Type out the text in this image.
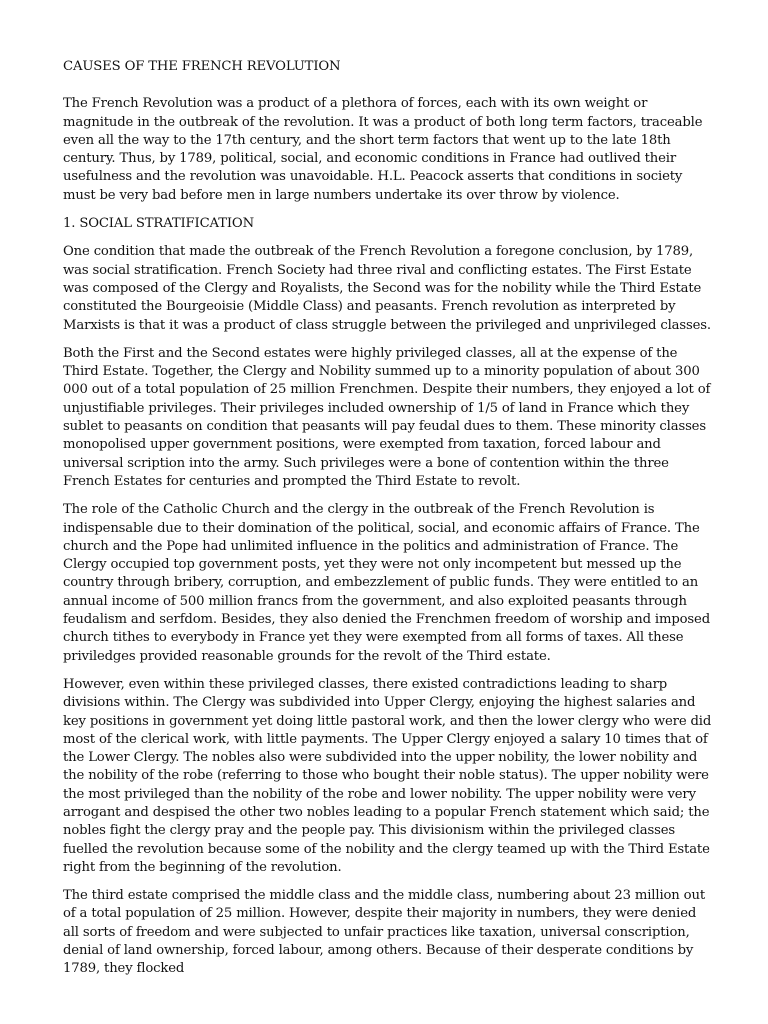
CAUSES OF THE FRENCH REVOLUTION

The French Revolution was a product of a plethora of forces, each with its own weight or magnitude in the outbreak of the revolution. It was a product of both long term factors, traceable even all the way to the 17th century, and the short term factors that went up to the late 18th century. Thus, by 1789, political, social, and economic conditions in France had outlived their usefulness and the revolution was unavoidable. H.L. Peacock asserts that conditions in society must be very bad before men in large numbers undertake its over throw by violence.

1. SOCIAL STRATIFICATION

One condition that made the outbreak of the French Revolution a foregone conclusion, by 1789, was social stratification. French Society had three rival and conflicting estates. The First Estate was composed of the Clergy and Royalists, the Second was for the nobility while the Third Estate constituted the Bourgeoisie (Middle Class) and peasants. French revolution as interpreted by Marxists is that it was a product of class struggle between the privileged and unprivileged classes.

Both the First and the Second estates were highly privileged classes, all at the expense of the Third Estate. Together, the Clergy and Nobility summed up to a minority population of about 300 000 out of a total population of 25 million Frenchmen. Despite their numbers, they enjoyed a lot of unjustifiable privileges. Their privileges included ownership of 1/5 of land in France which they sublet to peasants on condition that peasants will pay feudal dues to them. These minority classes monopolised upper government positions, were exempted from taxation, forced labour and universal scription into the army. Such privileges were a bone of contention within the three French Estates for centuries and prompted the Third Estate to revolt.

The role of the Catholic Church and the clergy in the outbreak of the French Revolution is indispensable due to their domination of the political, social, and economic affairs of France. The church and the Pope had unlimited influence in the politics and administration of France. The Clergy occupied top government posts, yet they were not only incompetent but messed up the country through bribery, corruption, and embezzlement of public funds. They were entitled to an annual income of 500 million francs from the government, and also exploited peasants through feudalism and serfdom. Besides, they also denied the Frenchmen freedom of worship and imposed church tithes to everybody in France yet they were exempted from all forms of taxes. All these priviledges provided reasonable grounds for the revolt of the Third estate.

However, even within these privileged classes, there existed contradictions leading to sharp divisions within. The Clergy was subdivided into Upper Clergy, enjoying the highest salaries and key positions in government yet doing little pastoral work, and then the lower clergy who were did most of the clerical work, with little payments. The Upper Clergy enjoyed a salary 10 times that of the Lower Clergy. The nobles also were subdivided into the upper nobility, the lower nobility and the nobility of the robe (referring to those who bought their noble status). The upper nobility were the most privileged than the nobility of the robe and lower nobility. The upper nobility were very arrogant and despised the other two nobles leading to a popular French statement which said; the nobles fight the clergy pray and the people pay. This divisionism within the privileged classes fuelled the revolution because some of the nobility and the clergy teamed up with the Third Estate right from the beginning of the revolution.

The third estate comprised the middle class and the middle class, numbering about 23 million out of a total population of 25 million. However, despite their majority in numbers, they were denied all sorts of freedom and were subjected to unfair practices like taxation, universal conscription, denial of land ownership, forced labour, among others. Because of their desperate conditions by 1789, they flocked
